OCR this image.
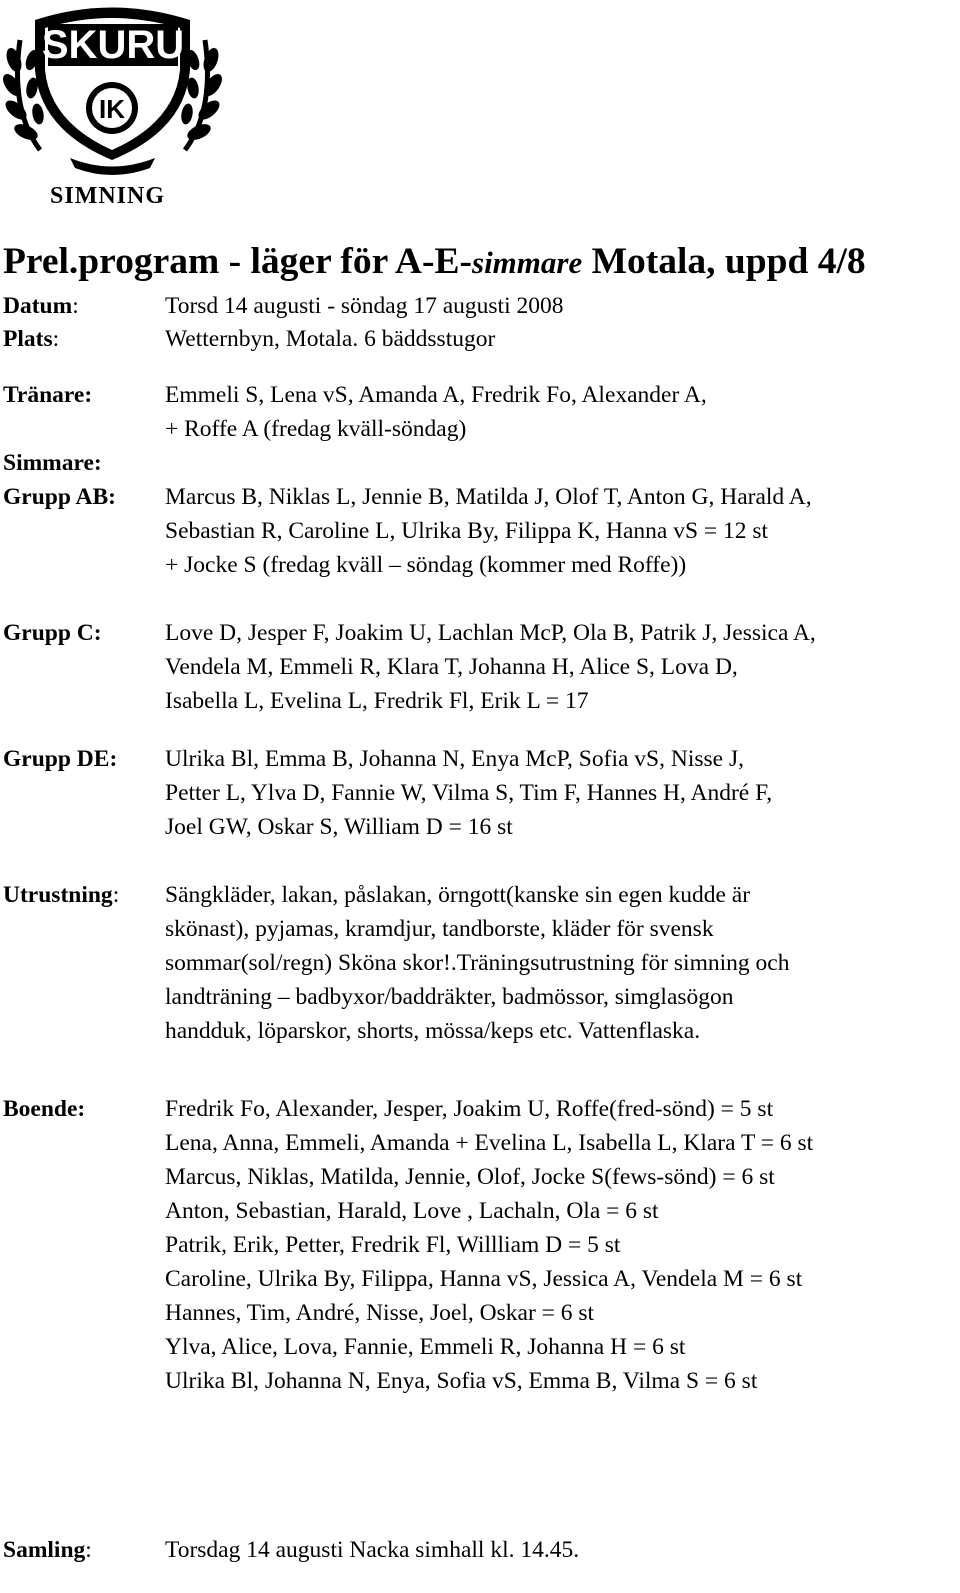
SKURU
IK
SIMNING
Prel.program - läger för A-E-simmare Motala, uppd 4/8
Datum:	Torsd 14 augusti - söndag 17 augusti 2008
Plats:	Wetternbyn, Motala. 6 bäddsstugor
Tränare:	Emmeli S, Lena vS, Amanda A, Fredrik Fo, Alexander A,
+ Roffe A (fredag kväll-söndag)
Simmare:
Grupp AB: Marcus B, Niklas L, Jennie B, Matilda J, Olof T, Anton G, Harald A,
Sebastian R, Caroline L, Ulrika By, Filippa K, Hanna vS = 12 st
+ Jocke S (fredag kväll – söndag (kommer med Roffe))
Grupp C:	Love D, Jesper F, Joakim U, Lachlan McP, Ola B, Patrik J, Jessica A,
Vendela M, Emmeli R, Klara T, Johanna H, Alice S, Lova D,
Isabella L, Evelina L, Fredrik Fl, Erik L = 17
Grupp DE: Ulrika Bl, Emma B, Johanna N, Enya McP, Sofia vS, Nisse J,
Petter L, Ylva D, Fannie W, Vilma S, Tim F, Hannes H, André F,
Joel GW, Oskar S, William D = 16 st
Utrustning: Sängkläder, lakan, påslakan, örngott(kanske sin egen kudde är
skönast), pyjamas, kramdjur, tandborste, kläder för svensk
sommar(sol/regn) Sköna skor!.Träningsutrustning för simning och
landträning – badbyxor/baddräkter, badmössor, simglasögon
handduk, löparskor, shorts, mössa/keps etc. Vattenflaska.
Boende:	Fredrik Fo, Alexander, Jesper, Joakim U, Roffe(fred-sönd) = 5 st
Lena, Anna, Emmeli, Amanda + Evelina L, Isabella L, Klara T = 6 st
Marcus, Niklas, Matilda, Jennie, Olof, Jocke S(fews-sönd) = 6 st
Anton, Sebastian, Harald, Love , Lachaln, Ola = 6 st
Patrik, Erik, Petter, Fredrik Fl, Willliam D = 5 st
Caroline, Ulrika By, Filippa, Hanna vS, Jessica A, Vendela M = 6 st
Hannes, Tim, André, Nisse, Joel, Oskar = 6 st
Ylva, Alice, Lova, Fannie, Emmeli R, Johanna H = 6 st
Ulrika Bl, Johanna N, Enya, Sofia vS, Emma B, Vilma S = 6 st
Samling:	Torsdag 14 augusti Nacka simhall kl. 14.45.
